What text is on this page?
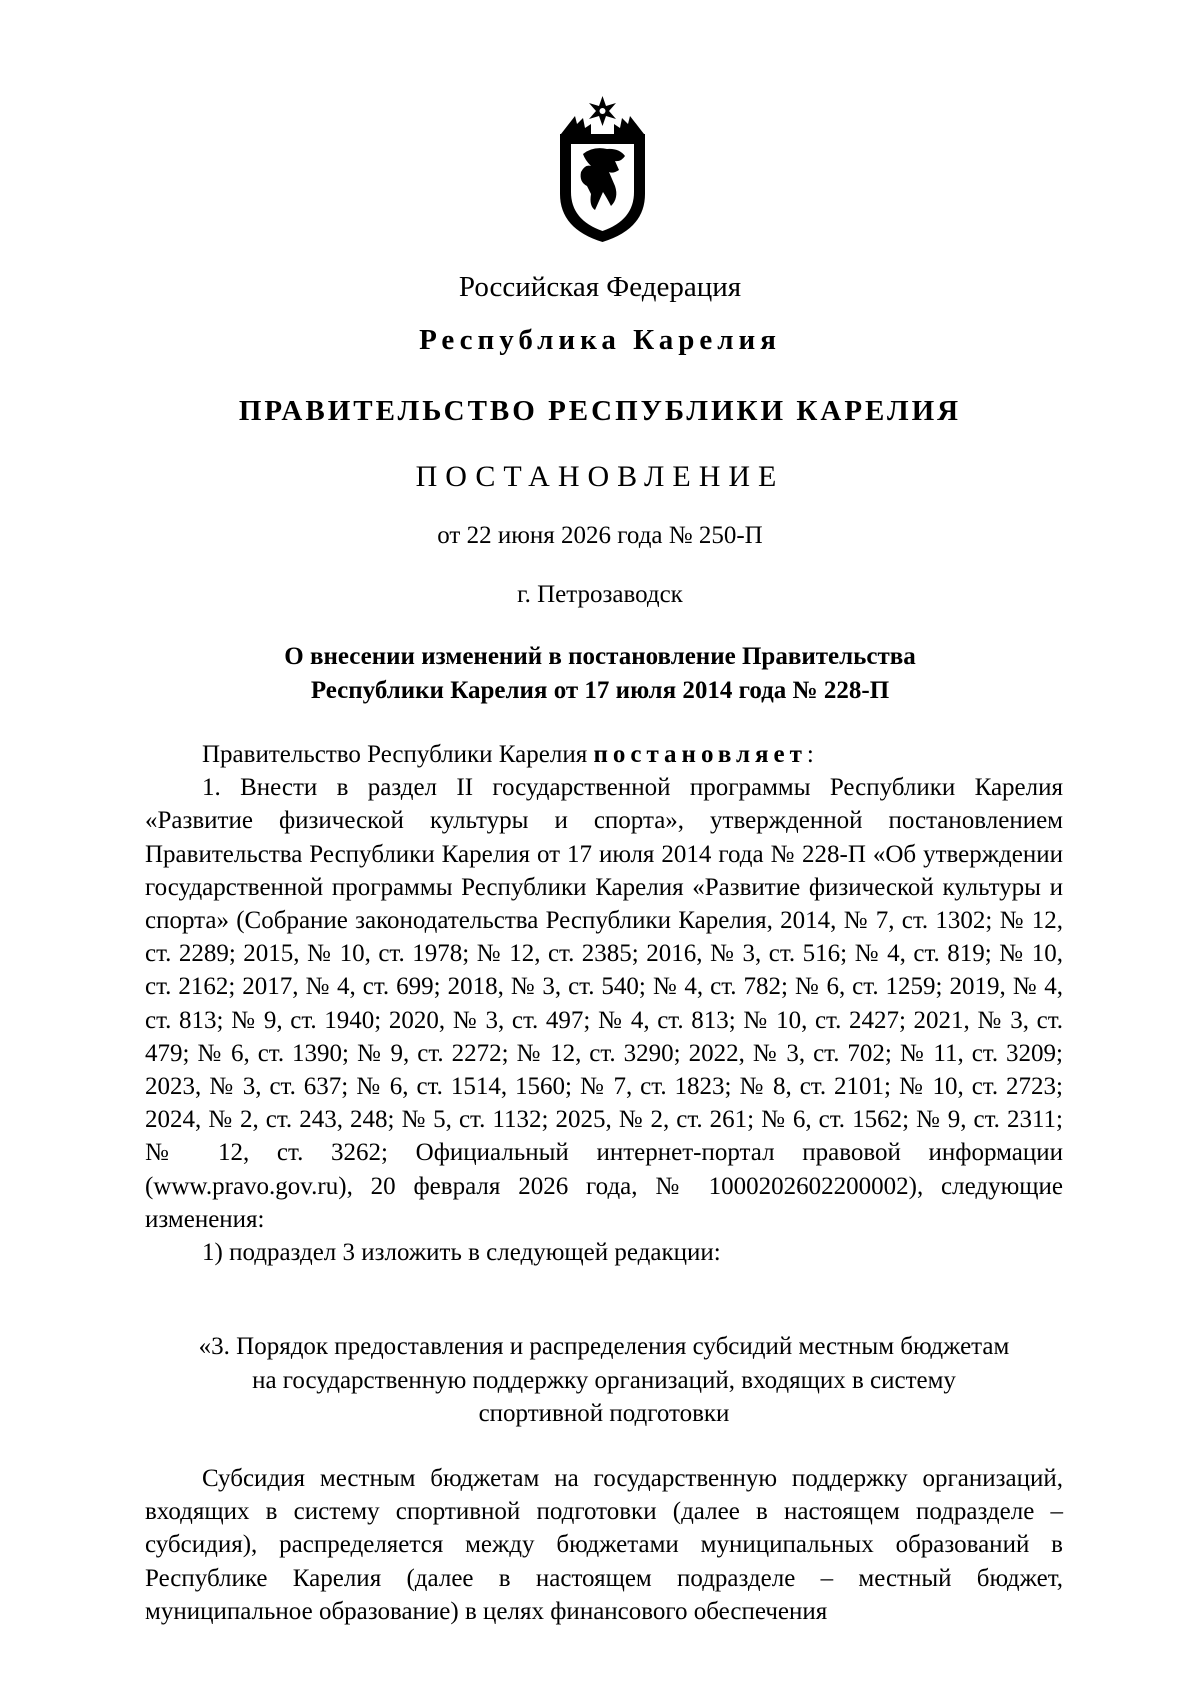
Российская Федерация
Республика Карелия
ПРАВИТЕЛЬСТВО РЕСПУБЛИКИ КАРЕЛИЯ
ПОСТАНОВЛЕНИЕ
от 22 июня 2026 года № 250-П
г. Петрозаводск
О внесении изменений в постановление Правительства
Республики Карелия от 17 июля 2014 года № 228-П

Правительство Республики Карелия постановляет:

1. Внести в раздел II государственной программы Республики Карелия «Развитие физической культуры и спорта», утвержденной постановлением Правительства Республики Карелия от 17 июля 2014 года № 228-П «Об утверждении государственной программы Республики Карелия «Развитие физической культуры и спорта» (Собрание законодательства Республики Карелия, 2014, № 7, ст. 1302; № 12, ст. 2289; 2015, № 10, ст. 1978; № 12, ст. 2385; 2016, № 3, ст. 516; № 4, ст. 819; № 10, ст. 2162; 2017, № 4, ст. 699; 2018, № 3, ст. 540; № 4, ст. 782; № 6, ст. 1259; 2019, № 4, ст. 813; № 9, ст. 1940; 2020, № 3, ст. 497; № 4, ст. 813; № 10, ст. 2427; 2021, № 3, ст. 479; № 6, ст. 1390; № 9, ст. 2272; № 12, ст. 3290; 2022, № 3, ст. 702; № 11, ст. 3209; 2023, № 3, ст. 637; № 6, ст. 1514, 1560; № 7, ст. 1823; № 8, ст. 2101; № 10, ст. 2723; 2024, № 2, ст. 243, 248; № 5, ст. 1132; 2025, № 2, ст. 261; № 6, ст. 1562; № 9, ст. 2311; № 12, ст. 3262; Официальный интернет-портал правовой информации (www.pravo.gov.ru), 20 февраля 2026 года, № 1000202602200002), следующие изменения:

1) подраздел 3 изложить в следующей редакции:

«3. Порядок предоставления и распределения субсидий местным бюджетам
на государственную поддержку организаций, входящих в систему
спортивной подготовки

Субсидия местным бюджетам на государственную поддержку организаций, входящих в систему спортивной подготовки (далее в настоящем подразделе – субсидия), распределяется между бюджетами муниципальных образований в Республике Карелия (далее в настоящем подразделе – местный бюджет, муниципальное образование) в целях финансового обеспечения
